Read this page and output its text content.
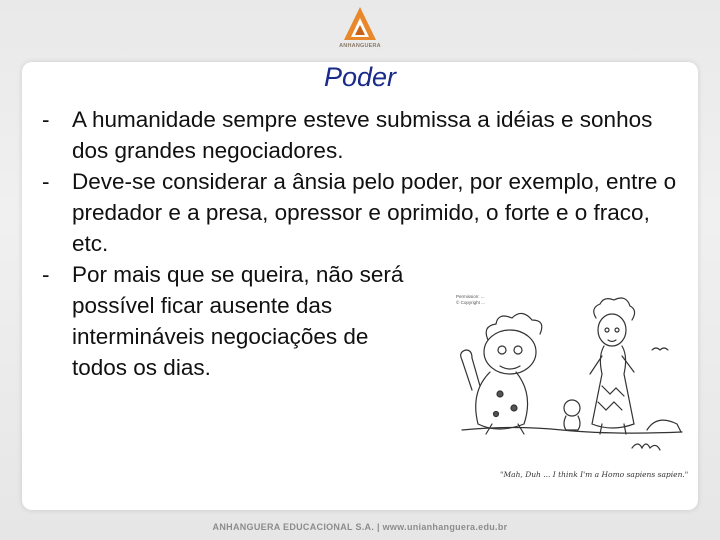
ANHANGUERA
Poder
- A humanidade sempre esteve submissa a idéias e sonhos dos grandes negociadores.
- Deve-se considerar a ânsia pelo poder, por exemplo, entre o predador e a presa, opressor e oprimido, o forte e o fraco, etc.
- Por mais que se queira, não será possível ficar ausente das intermináveis negociações de todos os dias.
Permission: ...
© Copyright ...
"Mah, Duh ... I think I'm a Homo sapiens sapien."
ANHANGUERA EDUCACIONAL S.A. | www.unianhanguera.edu.br
